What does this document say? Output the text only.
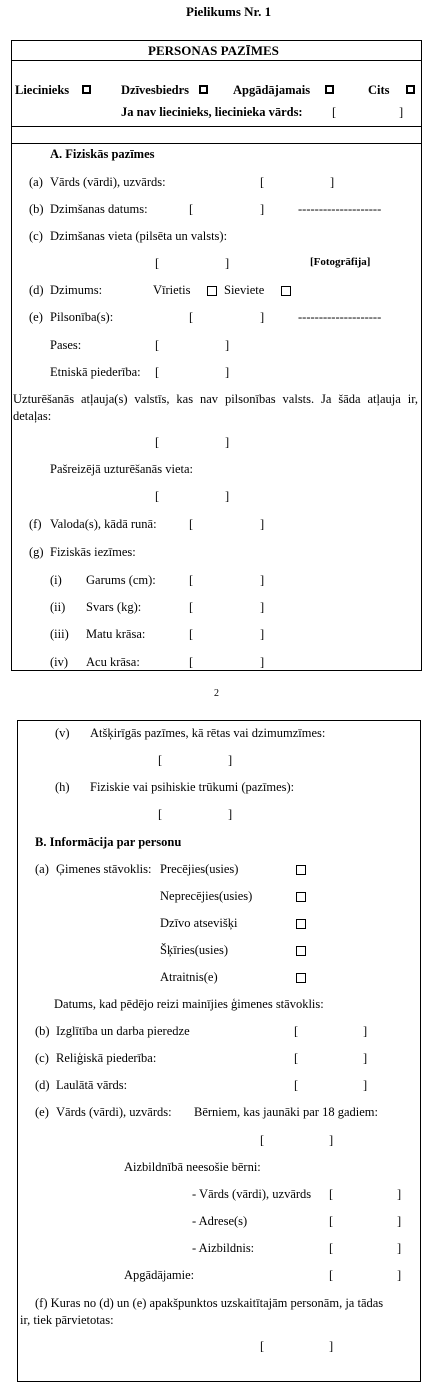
Pielikums Nr. 1
PERSONAS PAZĪMES
Liecinieks	Dzīvesbiedrs	Apgādājamais	Cits
Ja nav liecinieks, liecinieka vārds: [	]
A. Fiziskās pazīmes
(a) Vārds (vārdi), uzvārds:	[	]
(b) Dzimšanas datums:	[	]	--------------------
(c) Dzimšanas vieta (pilsēta un valsts):
[	]	[Fotogrāfija]
(d) Dzimums:	Vīrietis	Sieviete
(e) Pilsonība(s):	[	]	--------------------
Pases:	[	]
Etniskā piederība: [	]
Uzturēšanās atļauja(s) valstīs, kas nav pilsonības valsts. Ja šāda atļauja ir, detaļas:
[	]
Pašreizējā uzturēšanās vieta:
[	]
(f) Valoda(s), kādā runā:	[	]
(g) Fiziskās iezīmes:
(i) Garums (cm):	[	]
(ii) Svars (kg):	[	]
(iii) Matu krāsa:	[	]
(iv) Acu krāsa:	[	]
2
(v) Atšķirīgās pazīmes, kā rētas vai dzimumzīmes:
[	]
(h) Fiziskie vai psihiskie trūkumi (pazīmes):
[	]
B. Informācija par personu
(a) Ģimenes stāvoklis: Precējies(usies)
Neprecējies(usies)
Dzīvo atsevišķi
Šķīries(usies)
Atraitnis(e)
Datums, kad pēdējo reizi mainījies ģimenes stāvoklis:
(b) Izglītība un darba pieredze	[	]
(c) Reliģiskā piederība:	[	]
(d) Laulātā vārds:	[	]
(e) Vārds (vārdi), uzvārds: Bērniem, kas jaunāki par 18 gadiem:
[	]
Aizbildnībā neesošie bērni:
- Vārds (vārdi), uzvārds [	]
- Adrese(s)	[	]
- Aizbildnis:	[	]
Apgādājamie:	[	]
(f) Kuras no (d) un (e) apakšpunktos uzskaitītajām personām, ja tādas
ir, tiek pārvietotas:
[	]
